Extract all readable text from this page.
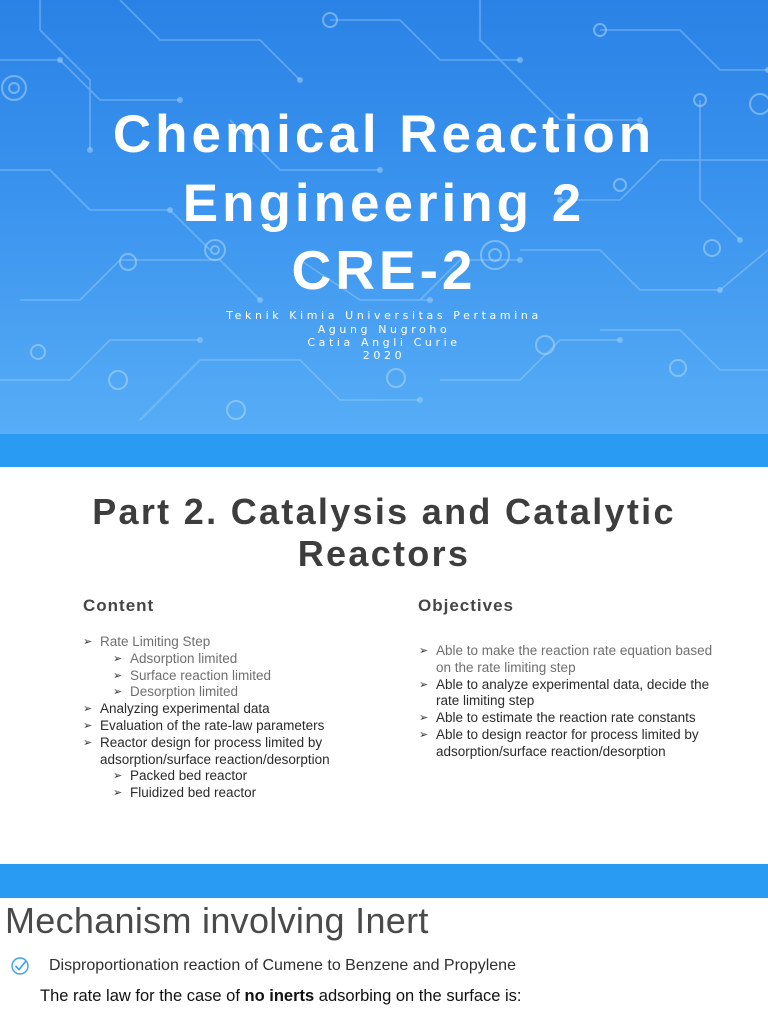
Chemical Reaction
Engineering 2
CRE-2
Teknik Kimia Universitas Pertamina
Agung Nugroho
Catia Angli Curie
2020
Part 2. Catalysis and Catalytic Reactors
Content
➢ Rate Limiting Step
➢ Adsorption limited
➢ Surface reaction limited
➢ Desorption limited
➢ Analyzing experimental data
➢ Evaluation of the rate-law parameters
➢ Reactor design for process limited by adsorption/surface reaction/desorption
➢ Packed bed reactor
➢ Fluidized bed reactor
Objectives
➢ Able to make the reaction rate equation based on the rate limiting step
➢ Able to analyze experimental data, decide the rate limiting step
➢ Able to estimate the reaction rate constants
➢ Able to design reactor for process limited by adsorption/surface reaction/desorption
Mechanism involving Inert
Disproportionation reaction of Cumene to Benzene and Propylene
The rate law for the case of no inerts adsorbing on the surface is:
